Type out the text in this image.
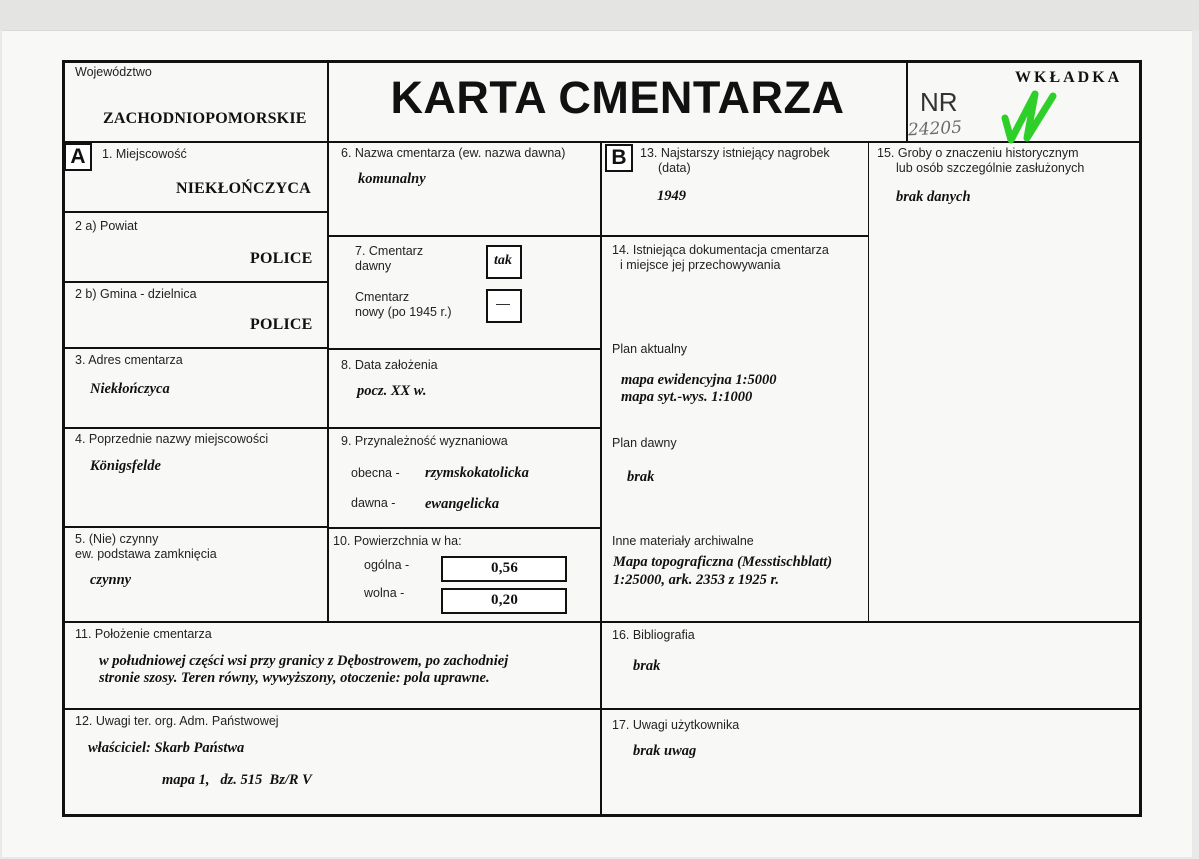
Województwo
ZACHODNIOPOMORSKIE	KARTA CMENTARZA	NR
WKŁADKA
24205
A	1. Miejscowość
NIEKŁOŃCZYCA
2 a) Powiat
POLICE
2 b) Gmina - dzielnica
POLICE
3. Adres cmentarza
Niekłończyca
4. Poprzednie nazwy miejscowości
Königsfelde
5. (Nie) czynny
ew. podstawa zamknięcia
czynny
6. Nazwa cmentarza (ew. nazwa dawna)
komunalny
7. Cmentarz
dawny	tak
Cmentarz
nowy (po 1945 r.)
—
8. Data założenia
pocz. XX w.
9. Przynależność wyznaniowa
obecna - rzymskokatolicka
dawna - ewangelicka
10. Powierzchnia w ha:
ogólna -	0,56
wolna -	0,20
B	13. Najstarszy istniejący nagrobek
(data)
1949
14. Istniejąca dokumentacja cmentarza
i miejsce jej przechowywania
Plan aktualny
mapa ewidencyjna 1:5000
mapa syt.-wys. 1:1000
Plan dawny
brak
Inne materiały archiwalne
Mapa topograficzna (Messtischblatt)
1:25000, ark. 2353 z 1925 r.
15. Groby o znaczeniu historycznym
lub osób szczególnie zasłużonych
brak danych
11. Położenie cmentarza
w południowej części wsi przy granicy z Dębostrowem, po zachodniej
stronie szosy. Teren równy, wywyższony, otoczenie: pola uprawne.
16. Bibliografia
brak
12. Uwagi ter. org. Adm. Państwowej
właściciel: Skarb Państwa
mapa 1,   dz. 515  Bz/R V
17. Uwagi użytkownika
brak uwag
